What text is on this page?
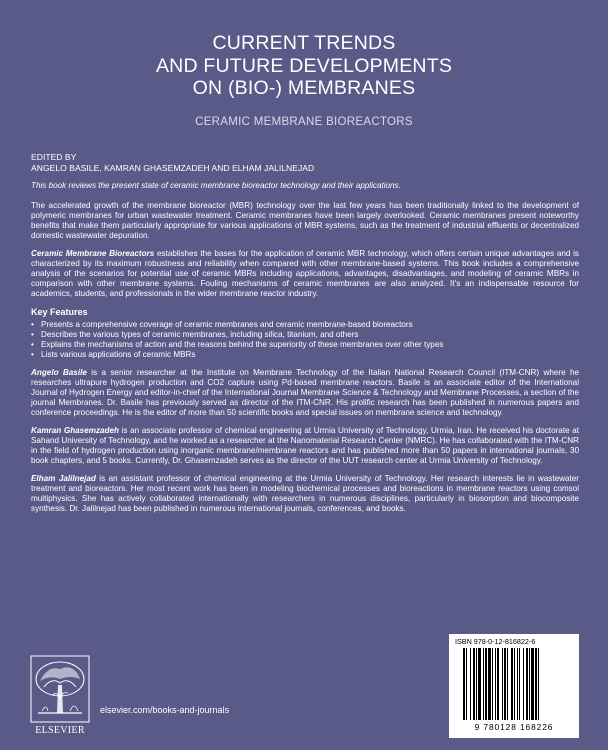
CURRENT TRENDS
AND FUTURE DEVELOPMENTS
ON (BIO-) MEMBRANES
CERAMIC MEMBRANE BIOREACTORS
EDITED BY
ANGELO BASILE, KAMRAN GHASEMZADEH AND ELHAM JALILNEJAD

This book reviews the present state of ceramic membrane bioreactor technology and their applications.

The accelerated growth of the membrane bioreactor (MBR) technology over the last few years has been traditionally linked to the development of polymeric membranes for urban wastewater treatment. Ceramic membranes have been largely overlooked. Ceramic membranes present noteworthy benefits that make them particularly appropriate for various applications of MBR systems, such as the treatment of industrial effluents or decentralized domestic wastewater depuration.

Ceramic Membrane Bioreactors establishes the bases for the application of ceramic MBR technology, which offers certain unique advantages and is characterized by its maximum robustness and reliability when compared with other membrane-based systems. This book includes a comprehensive analysis of the scenarios for potential use of ceramic MBRs including applications, advantages, disadvantages, and modeling of ceramic MBRs in comparison with other membrane systems. Fouling mechanisms of ceramic membranes are also analyzed. It’s an indispensable resource for academics, students, and professionals in the wider membrane reactor industry.

Key Features
• Presents a comprehensive coverage of ceramic membranes and ceramic membrane-based bioreactors
• Describes the various types of ceramic membranes, including silica, titanium, and others
• Explains the mechanisms of action and the reasons behind the superiority of these membranes over other types
• Lists various applications of ceramic MBRs

Angelo Basile is a senior researcher at the Institute on Membrane Technology of the Italian National Research Council (ITM-CNR) where he researches ultrapure hydrogen production and CO2 capture using Pd-based membrane reactors. Basile is an associate editor of the International Journal of Hydrogen Energy and editor-in-chief of the International Journal Membrane Science & Technology and Membrane Processes, a section of the journal Membranes. Dr. Basile has previously served as director of the ITM-CNR. His prolific research has been published in numerous papers and conference proceedings. He is the editor of more than 50 scientific books and special issues on membrane science and technology.

Kamran Ghasemzadeh is an associate professor of chemical engineering at Urmia University of Technology, Urmia, Iran. He received his doctorate at Sahand University of Technology, and he worked as a researcher at the Nanomaterial Research Center (NMRC). He has collaborated with the ITM-CNR in the field of hydrogen production using inorganic membrane/membrane reactors and has published more than 50 papers in international journals, 30 book chapters, and 5 books. Currently, Dr. Ghasemzadeh serves as the director of the UUT research center at Urmia University of Technology.

Elham Jalilnejad is an assistant professor of chemical engineering at the Urmia University of Technology. Her research interests lie in wastewater treatment and bioreactors. Her most recent work has been in modeling biochemical processes and bioreactions in membrane reactors using comsol multiphysics. She has actively collaborated internationally with researchers in numerous disciplines, particularly in biosorption and biocomposite synthesis. Dr. Jalilnejad has been published in numerous international journals, conferences, and books.

ELSEVIER
elsevier.com/books-and-journals
ISBN 978-0-12-816822-6
9 780128 168226
